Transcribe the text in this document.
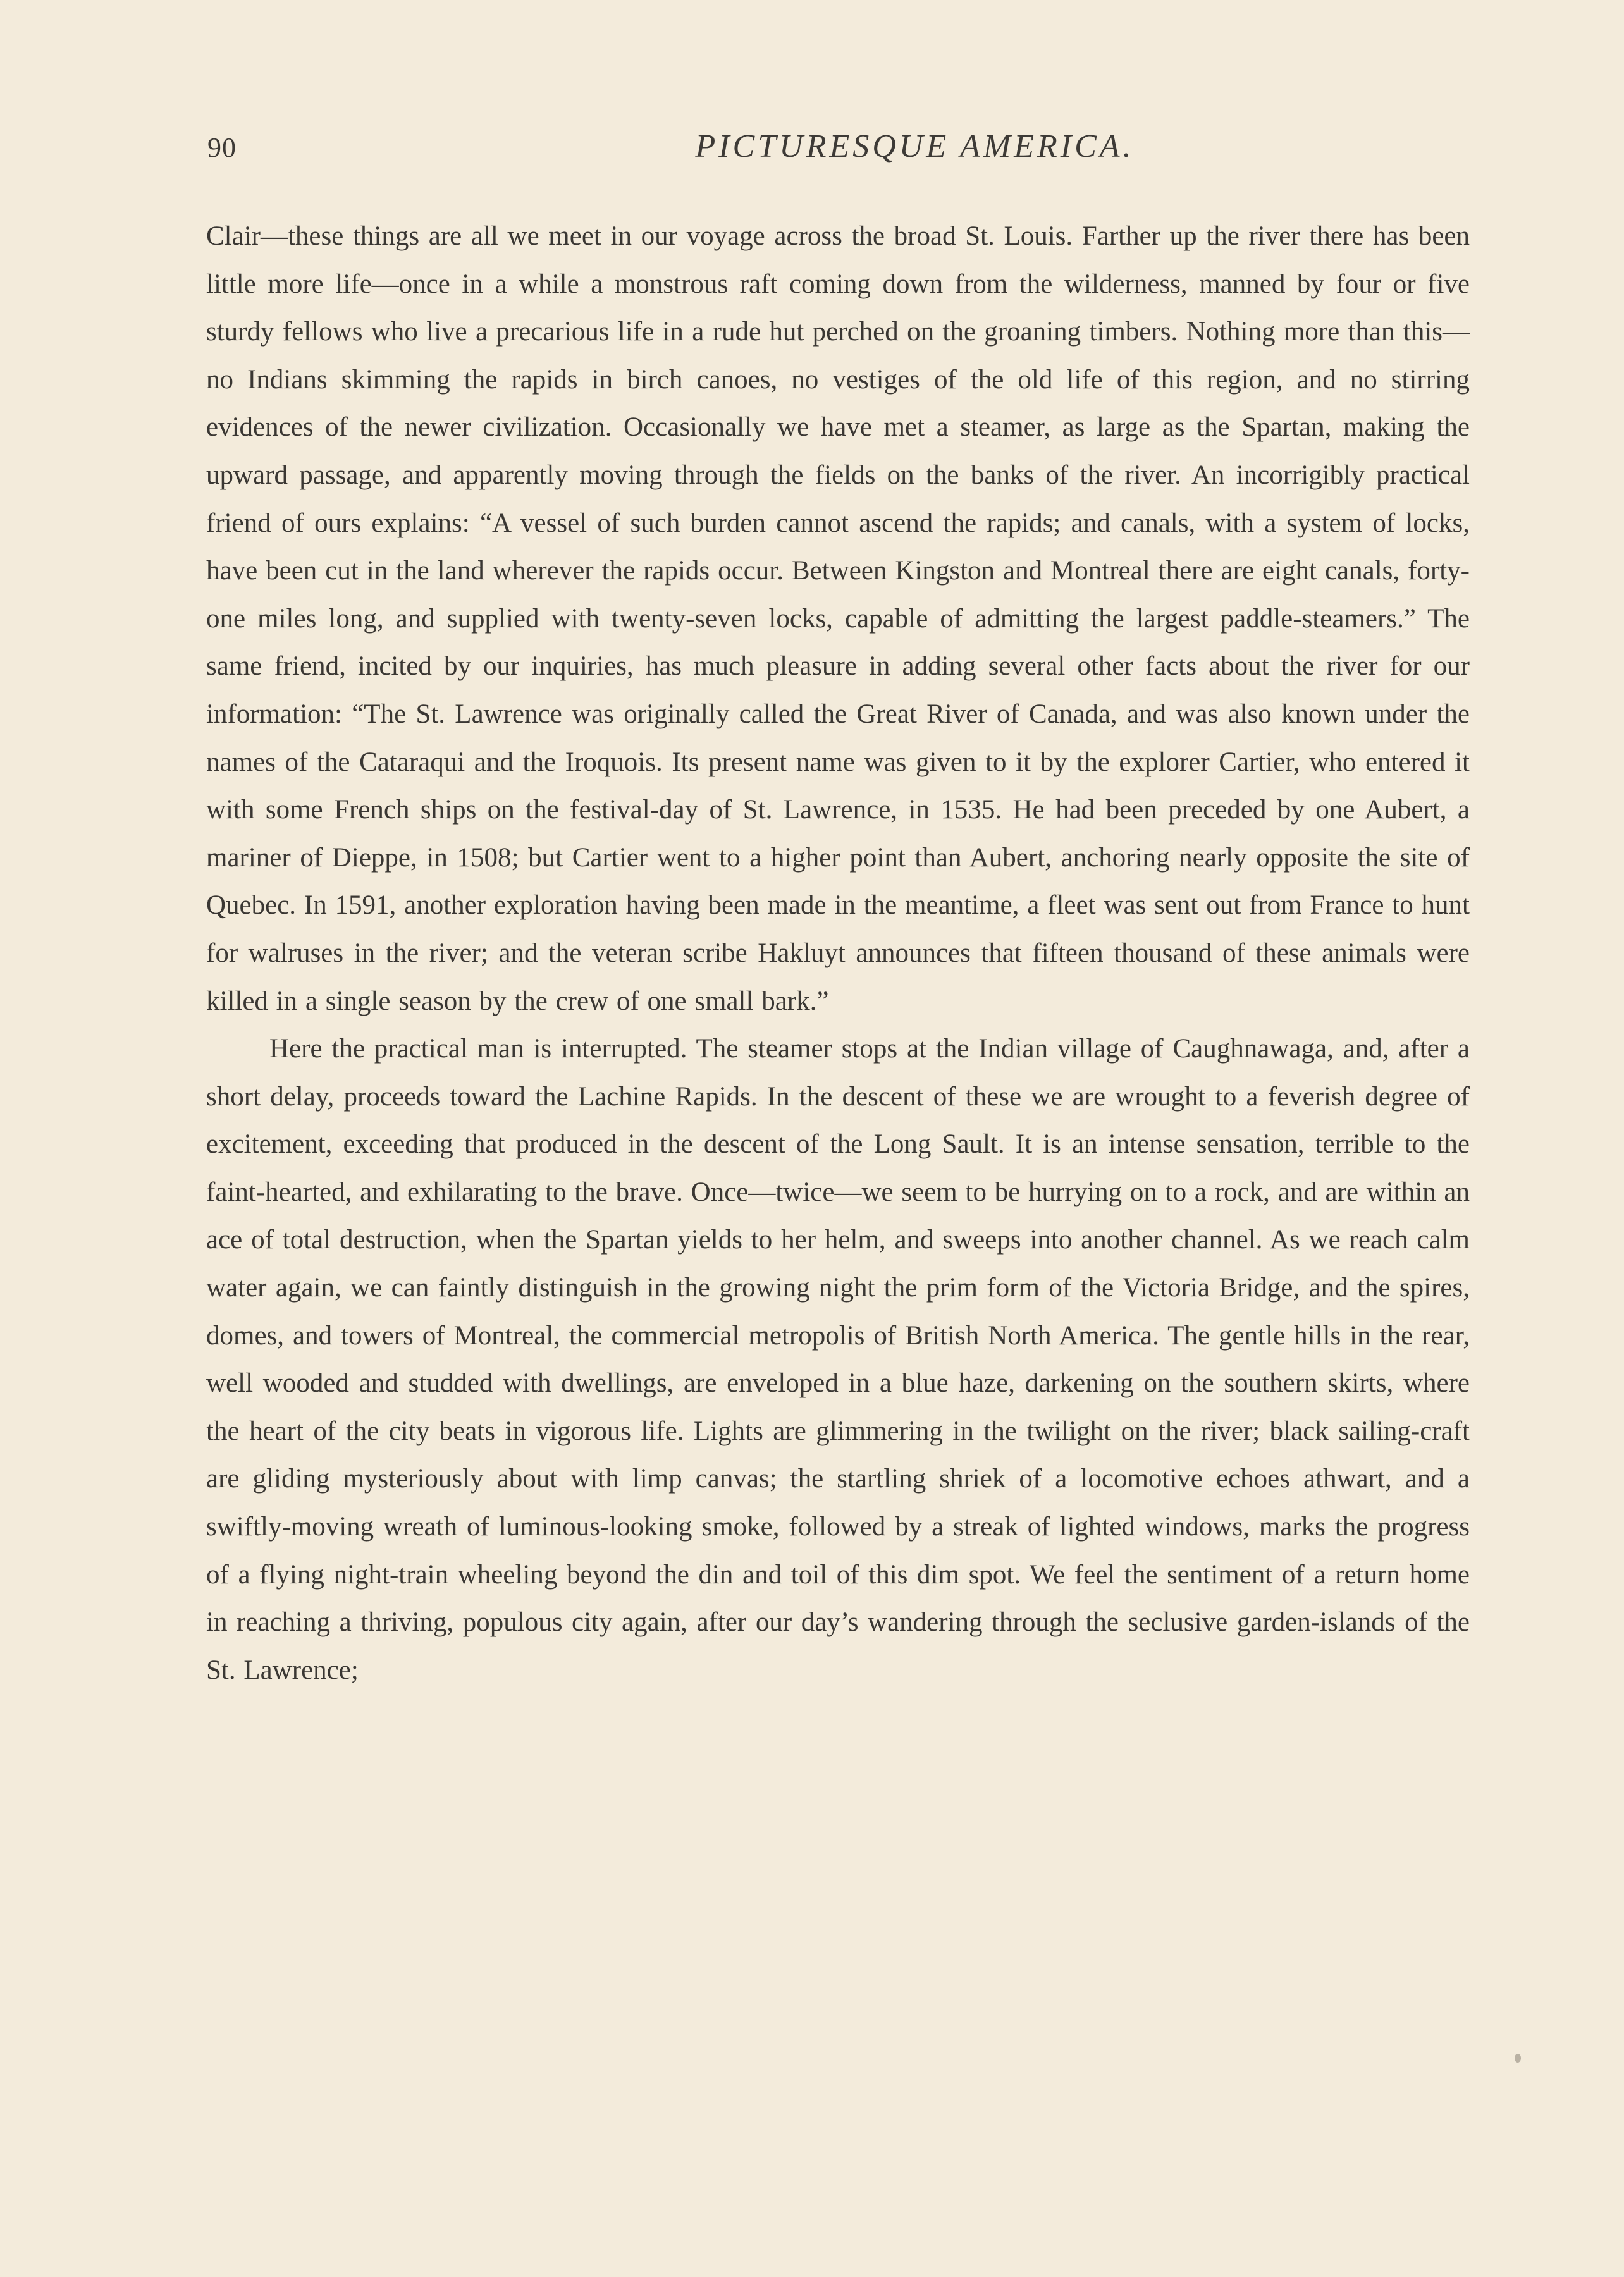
90	PICTURESQUE AMERICA.

Clair—these things are all we meet in our voyage across the broad St. Louis. Farther up the river there has been little more life—once in a while a monstrous raft coming down from the wilderness, manned by four or five sturdy fellows who live a precarious life in a rude hut perched on the groaning timbers. Nothing more than this—no Indians skimming the rapids in birch canoes, no vestiges of the old life of this region, and no stirring evidences of the newer civilization. Occasionally we have met a steamer, as large as the Spartan, making the upward passage, and apparently moving through the fields on the banks of the river. An incorrigibly practical friend of ours explains: “A vessel of such burden cannot ascend the rapids; and canals, with a system of locks, have been cut in the land wherever the rapids occur. Between Kingston and Montreal there are eight canals, forty-one miles long, and supplied with twenty-seven locks, capable of admitting the largest paddle-steamers.” The same friend, incited by our inquiries, has much pleasure in adding several other facts about the river for our information: “The St. Lawrence was originally called the Great River of Canada, and was also known under the names of the Cataraqui and the Iroquois. Its present name was given to it by the explorer Cartier, who entered it with some French ships on the festival-day of St. Lawrence, in 1535. He had been preceded by one Aubert, a mariner of Dieppe, in 1508; but Cartier went to a higher point than Aubert, anchoring nearly opposite the site of Quebec. In 1591, another exploration having been made in the meantime, a fleet was sent out from France to hunt for walruses in the river; and the veteran scribe Hakluyt announces that fifteen thousand of these animals were killed in a single season by the crew of one small bark.”

Here the practical man is interrupted. The steamer stops at the Indian village of Caughnawaga, and, after a short delay, proceeds toward the Lachine Rapids. In the descent of these we are wrought to a feverish degree of excitement, exceeding that produced in the descent of the Long Sault. It is an intense sensation, terrible to the faint-hearted, and exhilarating to the brave. Once—twice—we seem to be hurrying on to a rock, and are within an ace of total destruction, when the Spartan yields to her helm, and sweeps into another channel. As we reach calm water again, we can faintly distinguish in the growing night the prim form of the Victoria Bridge, and the spires, domes, and towers of Montreal, the commercial metropolis of British North America. The gentle hills in the rear, well wooded and studded with dwellings, are enveloped in a blue haze, darkening on the southern skirts, where the heart of the city beats in vigorous life. Lights are glimmering in the twilight on the river; black sailing-craft are gliding mysteriously about with limp canvas; the startling shriek of a locomotive echoes athwart, and a swiftly-moving wreath of luminous-looking smoke, followed by a streak of lighted windows, marks the progress of a flying night-train wheeling beyond the din and toil of this dim spot. We feel the sentiment of a return home in reaching a thriving, populous city again, after our day’s wandering through the seclusive garden-islands of the St. Lawrence;
